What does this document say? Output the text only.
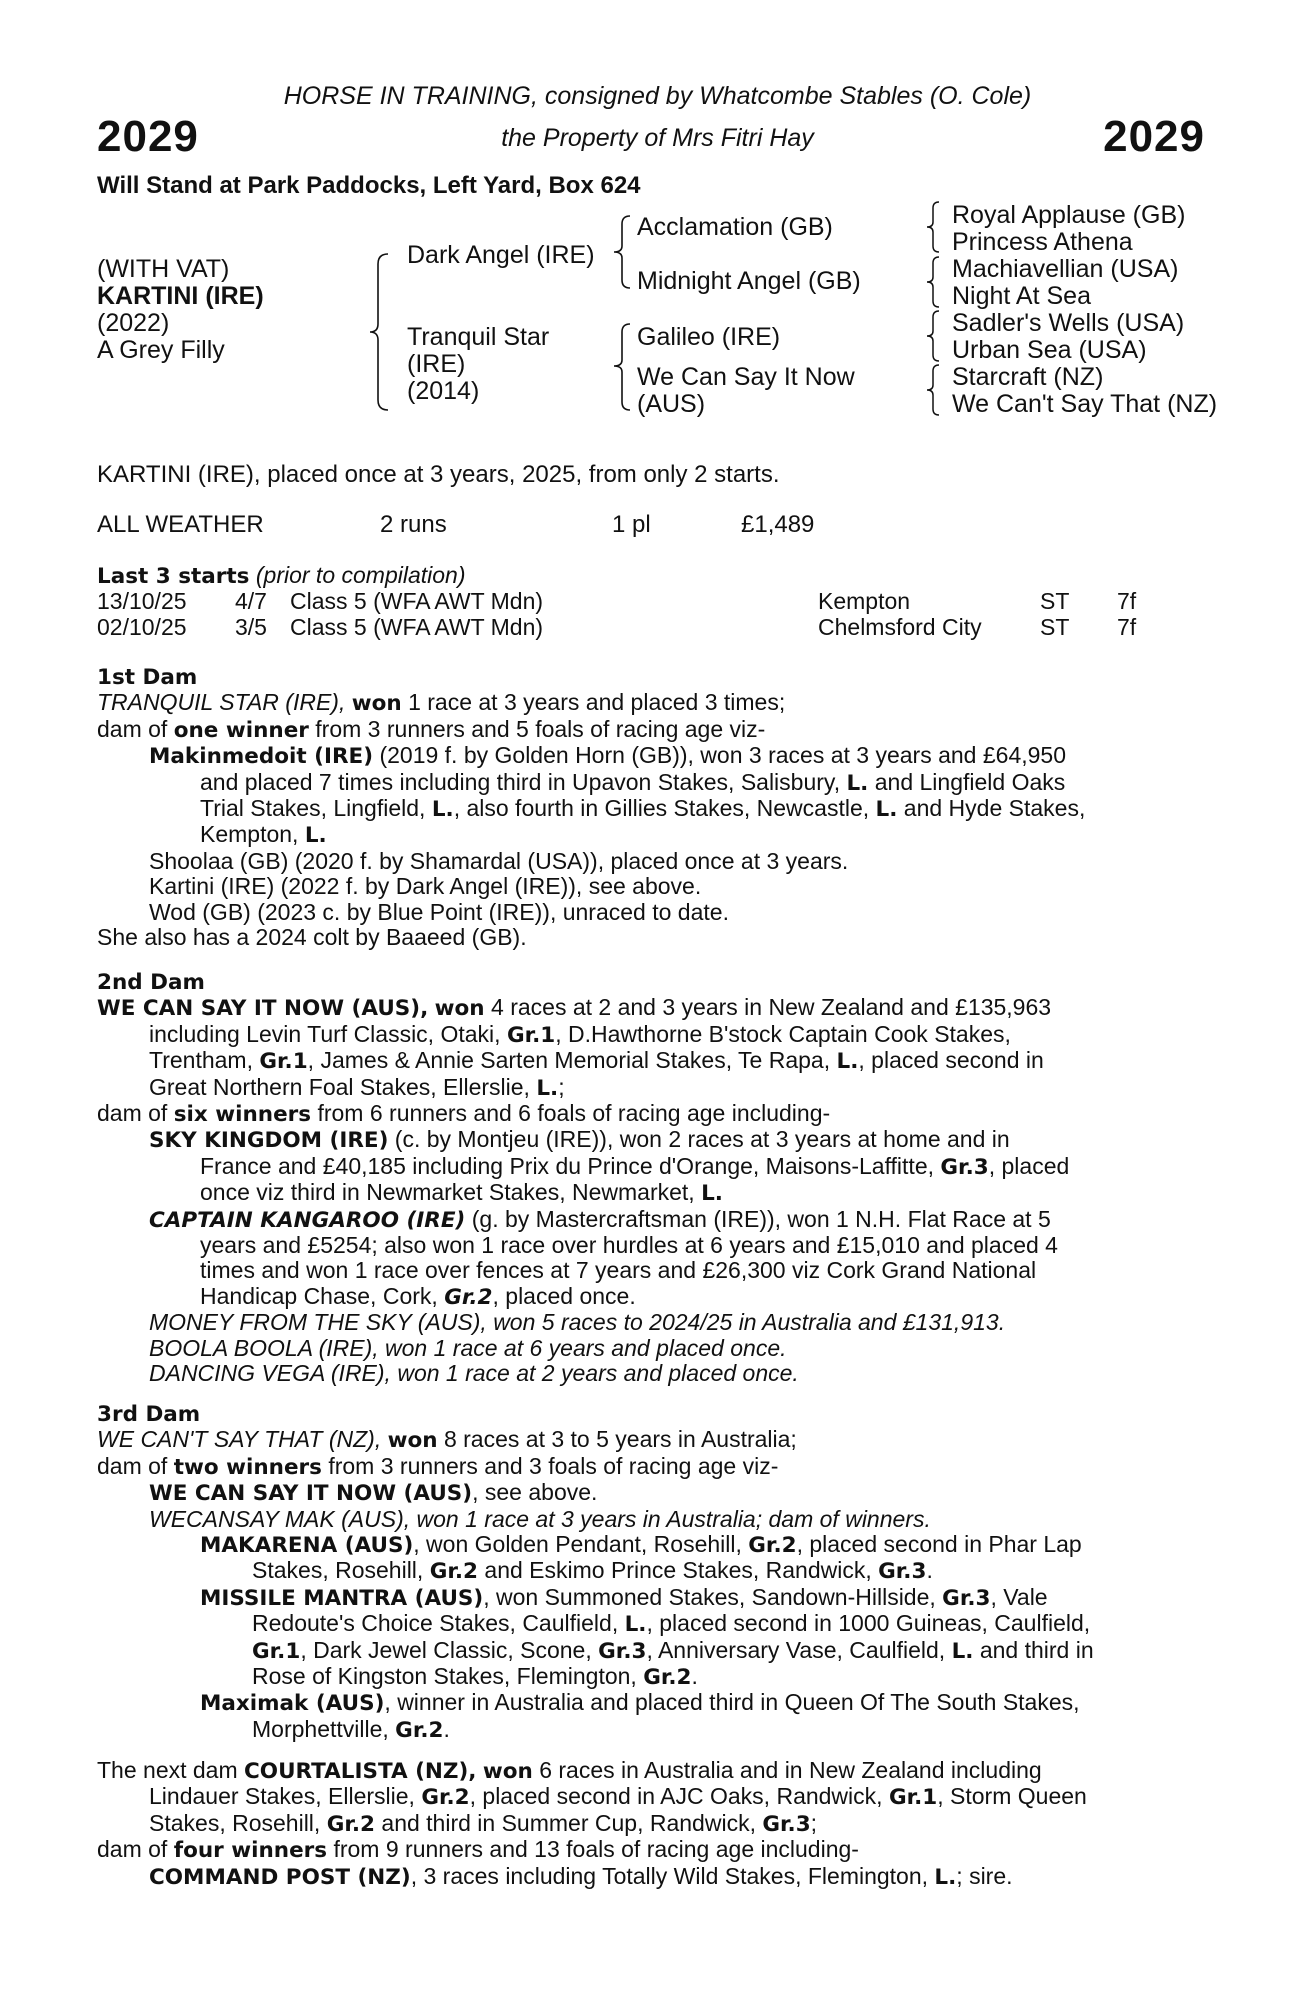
2029	2029
HORSE IN TRAINING, consigned by Whatcombe Stables (O. Cole)
the Property of Mrs Fitri Hay
Will Stand at Park Paddocks, Left Yard, Box 624
(WITH VAT)
KARTINI (IRE)
(2022)
A Grey Filly
Dark Angel (IRE)
Tranquil Star
(IRE)
(2014)
Acclamation (GB)
Midnight Angel (GB)
Galileo (IRE)
We Can Say It Now
(AUS)
Royal Applause (GB)
Princess Athena
Machiavellian (USA)
Night At Sea
Sadler's Wells (USA)
Urban Sea (USA)
Starcraft (NZ)
We Can't Say That (NZ)
KARTINI (IRE), placed once at 3 years, 2025, from only 2 starts.
ALL WEATHER	2 runs	1 pl	£1,489
Last 3 starts (prior to compilation)
13/10/25 4/7 Class 5 (WFA AWT Mdn)	Kempton	ST 7f
02/10/25 3/5 Class 5 (WFA AWT Mdn)	Chelmsford City	ST 7f

1st Dam

TRANQUIL STAR (IRE), won 1 race at 3 years and placed 3 times;

dam of one winner from 3 runners and 5 foals of racing age viz-

Makinmedoit (IRE) (2019 f. by Golden Horn (GB)), won 3 races at 3 years and £64,950

and placed 7 times including third in Upavon Stakes, Salisbury, L. and Lingfield Oaks

Trial Stakes, Lingfield, L., also fourth in Gillies Stakes, Newcastle, L. and Hyde Stakes,

Kempton, L.

Shoolaa (GB) (2020 f. by Shamardal (USA)), placed once at 3 years.

Kartini (IRE) (2022 f. by Dark Angel (IRE)), see above.

Wod (GB) (2023 c. by Blue Point (IRE)), unraced to date.

She also has a 2024 colt by Baaeed (GB).

2nd Dam

WE CAN SAY IT NOW (AUS), won 4 races at 2 and 3 years in New Zealand and £135,963

including Levin Turf Classic, Otaki, Gr.1, D.Hawthorne B'stock Captain Cook Stakes,

Trentham, Gr.1, James & Annie Sarten Memorial Stakes, Te Rapa, L., placed second in

Great Northern Foal Stakes, Ellerslie, L.;

dam of six winners from 6 runners and 6 foals of racing age including-

SKY KINGDOM (IRE) (c. by Montjeu (IRE)), won 2 races at 3 years at home and in

France and £40,185 including Prix du Prince d'Orange, Maisons-Laffitte, Gr.3, placed

once viz third in Newmarket Stakes, Newmarket, L.

CAPTAIN KANGAROO (IRE) (g. by Mastercraftsman (IRE)), won 1 N.H. Flat Race at 5

years and £5254; also won 1 race over hurdles at 6 years and £15,010 and placed 4

times and won 1 race over fences at 7 years and £26,300 viz Cork Grand National

Handicap Chase, Cork, Gr.2, placed once.

MONEY FROM THE SKY (AUS), won 5 races to 2024/25 in Australia and £131,913.

BOOLA BOOLA (IRE), won 1 race at 6 years and placed once.

DANCING VEGA (IRE), won 1 race at 2 years and placed once.

3rd Dam

WE CAN'T SAY THAT (NZ), won 8 races at 3 to 5 years in Australia;

dam of two winners from 3 runners and 3 foals of racing age viz-

WE CAN SAY IT NOW (AUS), see above.

WECANSAY MAK (AUS), won 1 race at 3 years in Australia; dam of winners.

MAKARENA (AUS), won Golden Pendant, Rosehill, Gr.2, placed second in Phar Lap

Stakes, Rosehill, Gr.2 and Eskimo Prince Stakes, Randwick, Gr.3.

MISSILE MANTRA (AUS), won Summoned Stakes, Sandown-Hillside, Gr.3, Vale

Redoute's Choice Stakes, Caulfield, L., placed second in 1000 Guineas, Caulfield,

Gr.1, Dark Jewel Classic, Scone, Gr.3, Anniversary Vase, Caulfield, L. and third in

Rose of Kingston Stakes, Flemington, Gr.2.

Maximak (AUS), winner in Australia and placed third in Queen Of The South Stakes,

Morphettville, Gr.2.

The next dam COURTALISTA (NZ), won 6 races in Australia and in New Zealand including

Lindauer Stakes, Ellerslie, Gr.2, placed second in AJC Oaks, Randwick, Gr.1, Storm Queen

Stakes, Rosehill, Gr.2 and third in Summer Cup, Randwick, Gr.3;

dam of four winners from 9 runners and 13 foals of racing age including-

COMMAND POST (NZ), 3 races including Totally Wild Stakes, Flemington, L.; sire.
